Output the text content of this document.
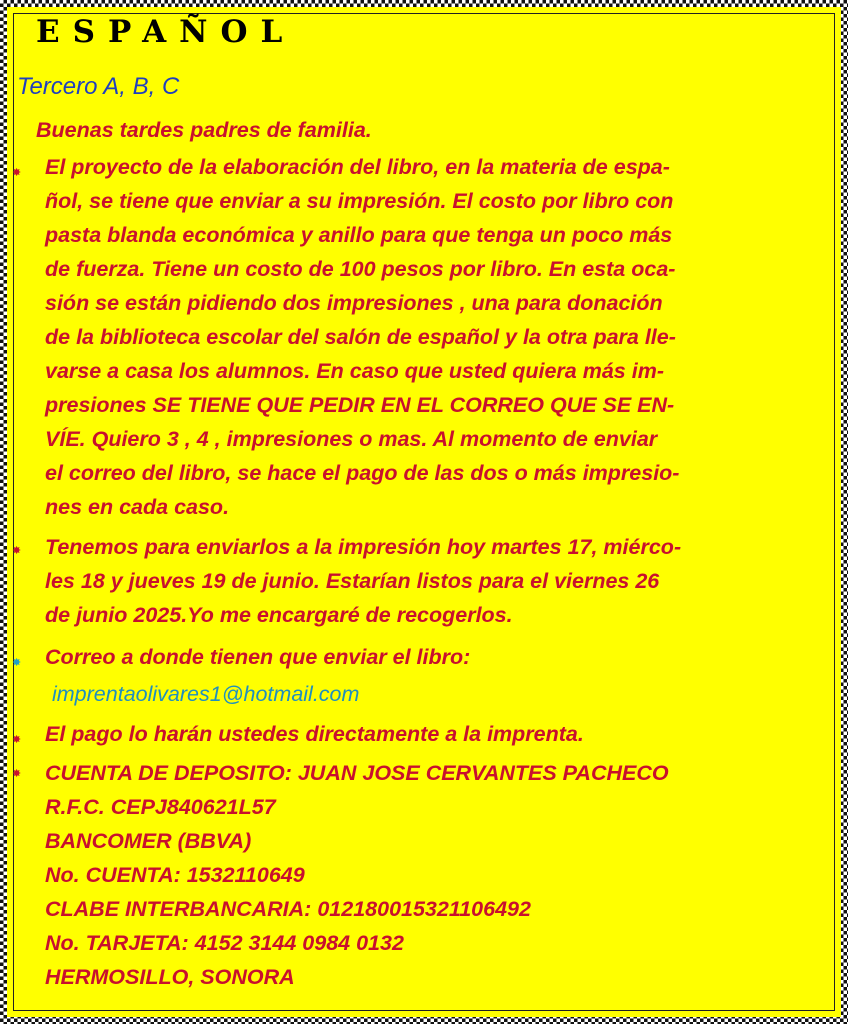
ESPAÑOL
Tercero A, B, C

Buenas tardes padres de familia.

✸ El proyecto de la elaboración del libro, en la materia de espa-
ñol, se tiene que enviar a su impresión. El costo por libro con
pasta blanda económica y anillo para que tenga un poco más
de fuerza. Tiene un costo de 100 pesos por libro. En esta oca-
sión se están pidiendo dos impresiones , una para donación
de la biblioteca escolar del salón de español y la otra para lle-
varse a casa los alumnos. En caso que usted quiera más im-
presiones SE TIENE QUE PEDIR EN EL CORREO QUE SE EN-
VÍE. Quiero 3 , 4 , impresiones o mas. Al momento de enviar
el correo del libro, se hace el pago de las dos o más impresio-
nes en cada caso.
✸ Tenemos para enviarlos a la impresión hoy martes 17, miérco-
les 18 y jueves 19 de junio. Estarían listos para el viernes 26
de junio 2025.Yo me encargaré de recogerlos.
✸ Correo a donde tienen que enviar el libro:

imprentaolivares1@hotmail.com

✸ El pago lo harán ustedes directamente a la imprenta.
✸ CUENTA DE DEPOSITO: JUAN JOSE CERVANTES PACHECO
R.F.C. CEPJ840621L57
BANCOMER (BBVA)
No. CUENTA: 1532110649
CLABE INTERBANCARIA: 012180015321106492
No. TARJETA: 4152 3144 0984 0132
HERMOSILLO, SONORA
